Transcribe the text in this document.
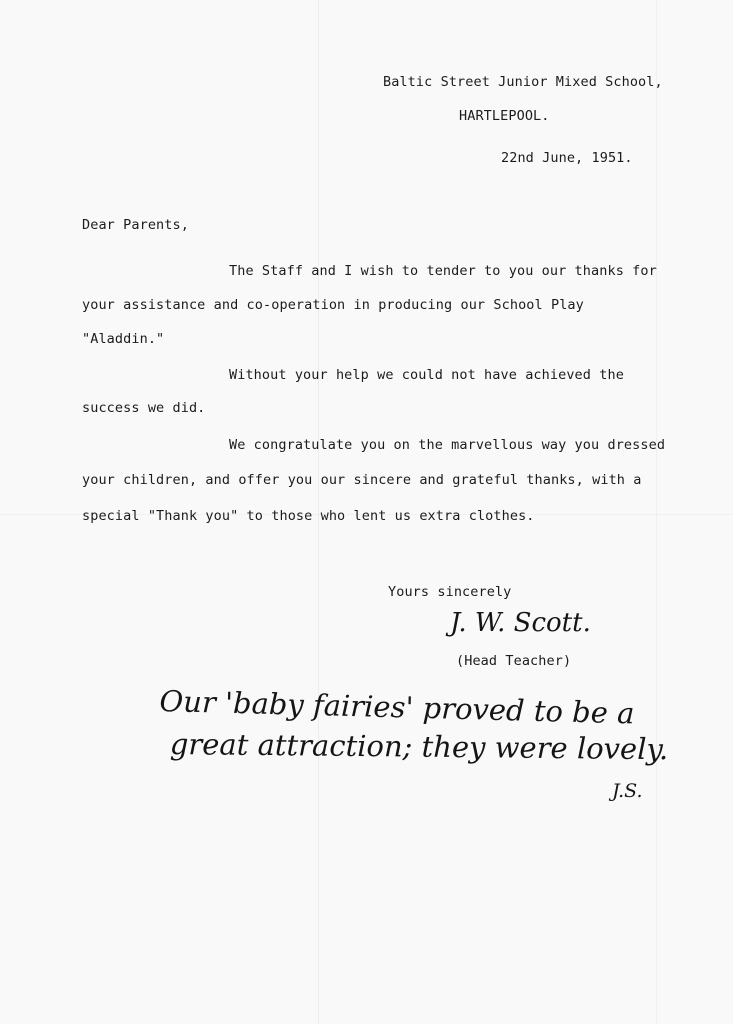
Baltic Street Junior Mixed School,
HARTLEPOOL.
22nd June, 1951.
Dear Parents,
The Staff and I wish to tender to you our thanks for
your assistance and co-operation in producing our School Play
"Aladdin."
Without your help we could not have achieved the
success we did.
We congratulate you on the marvellous way you dressed
your children, and offer you our sincere and grateful thanks, with a
special "Thank you" to those who lent us extra clothes.
Yours sincerely
J. W. Scott.
(Head Teacher)
Our 'baby fairies' proved to be a
great attraction; they were lovely.
J.S.
